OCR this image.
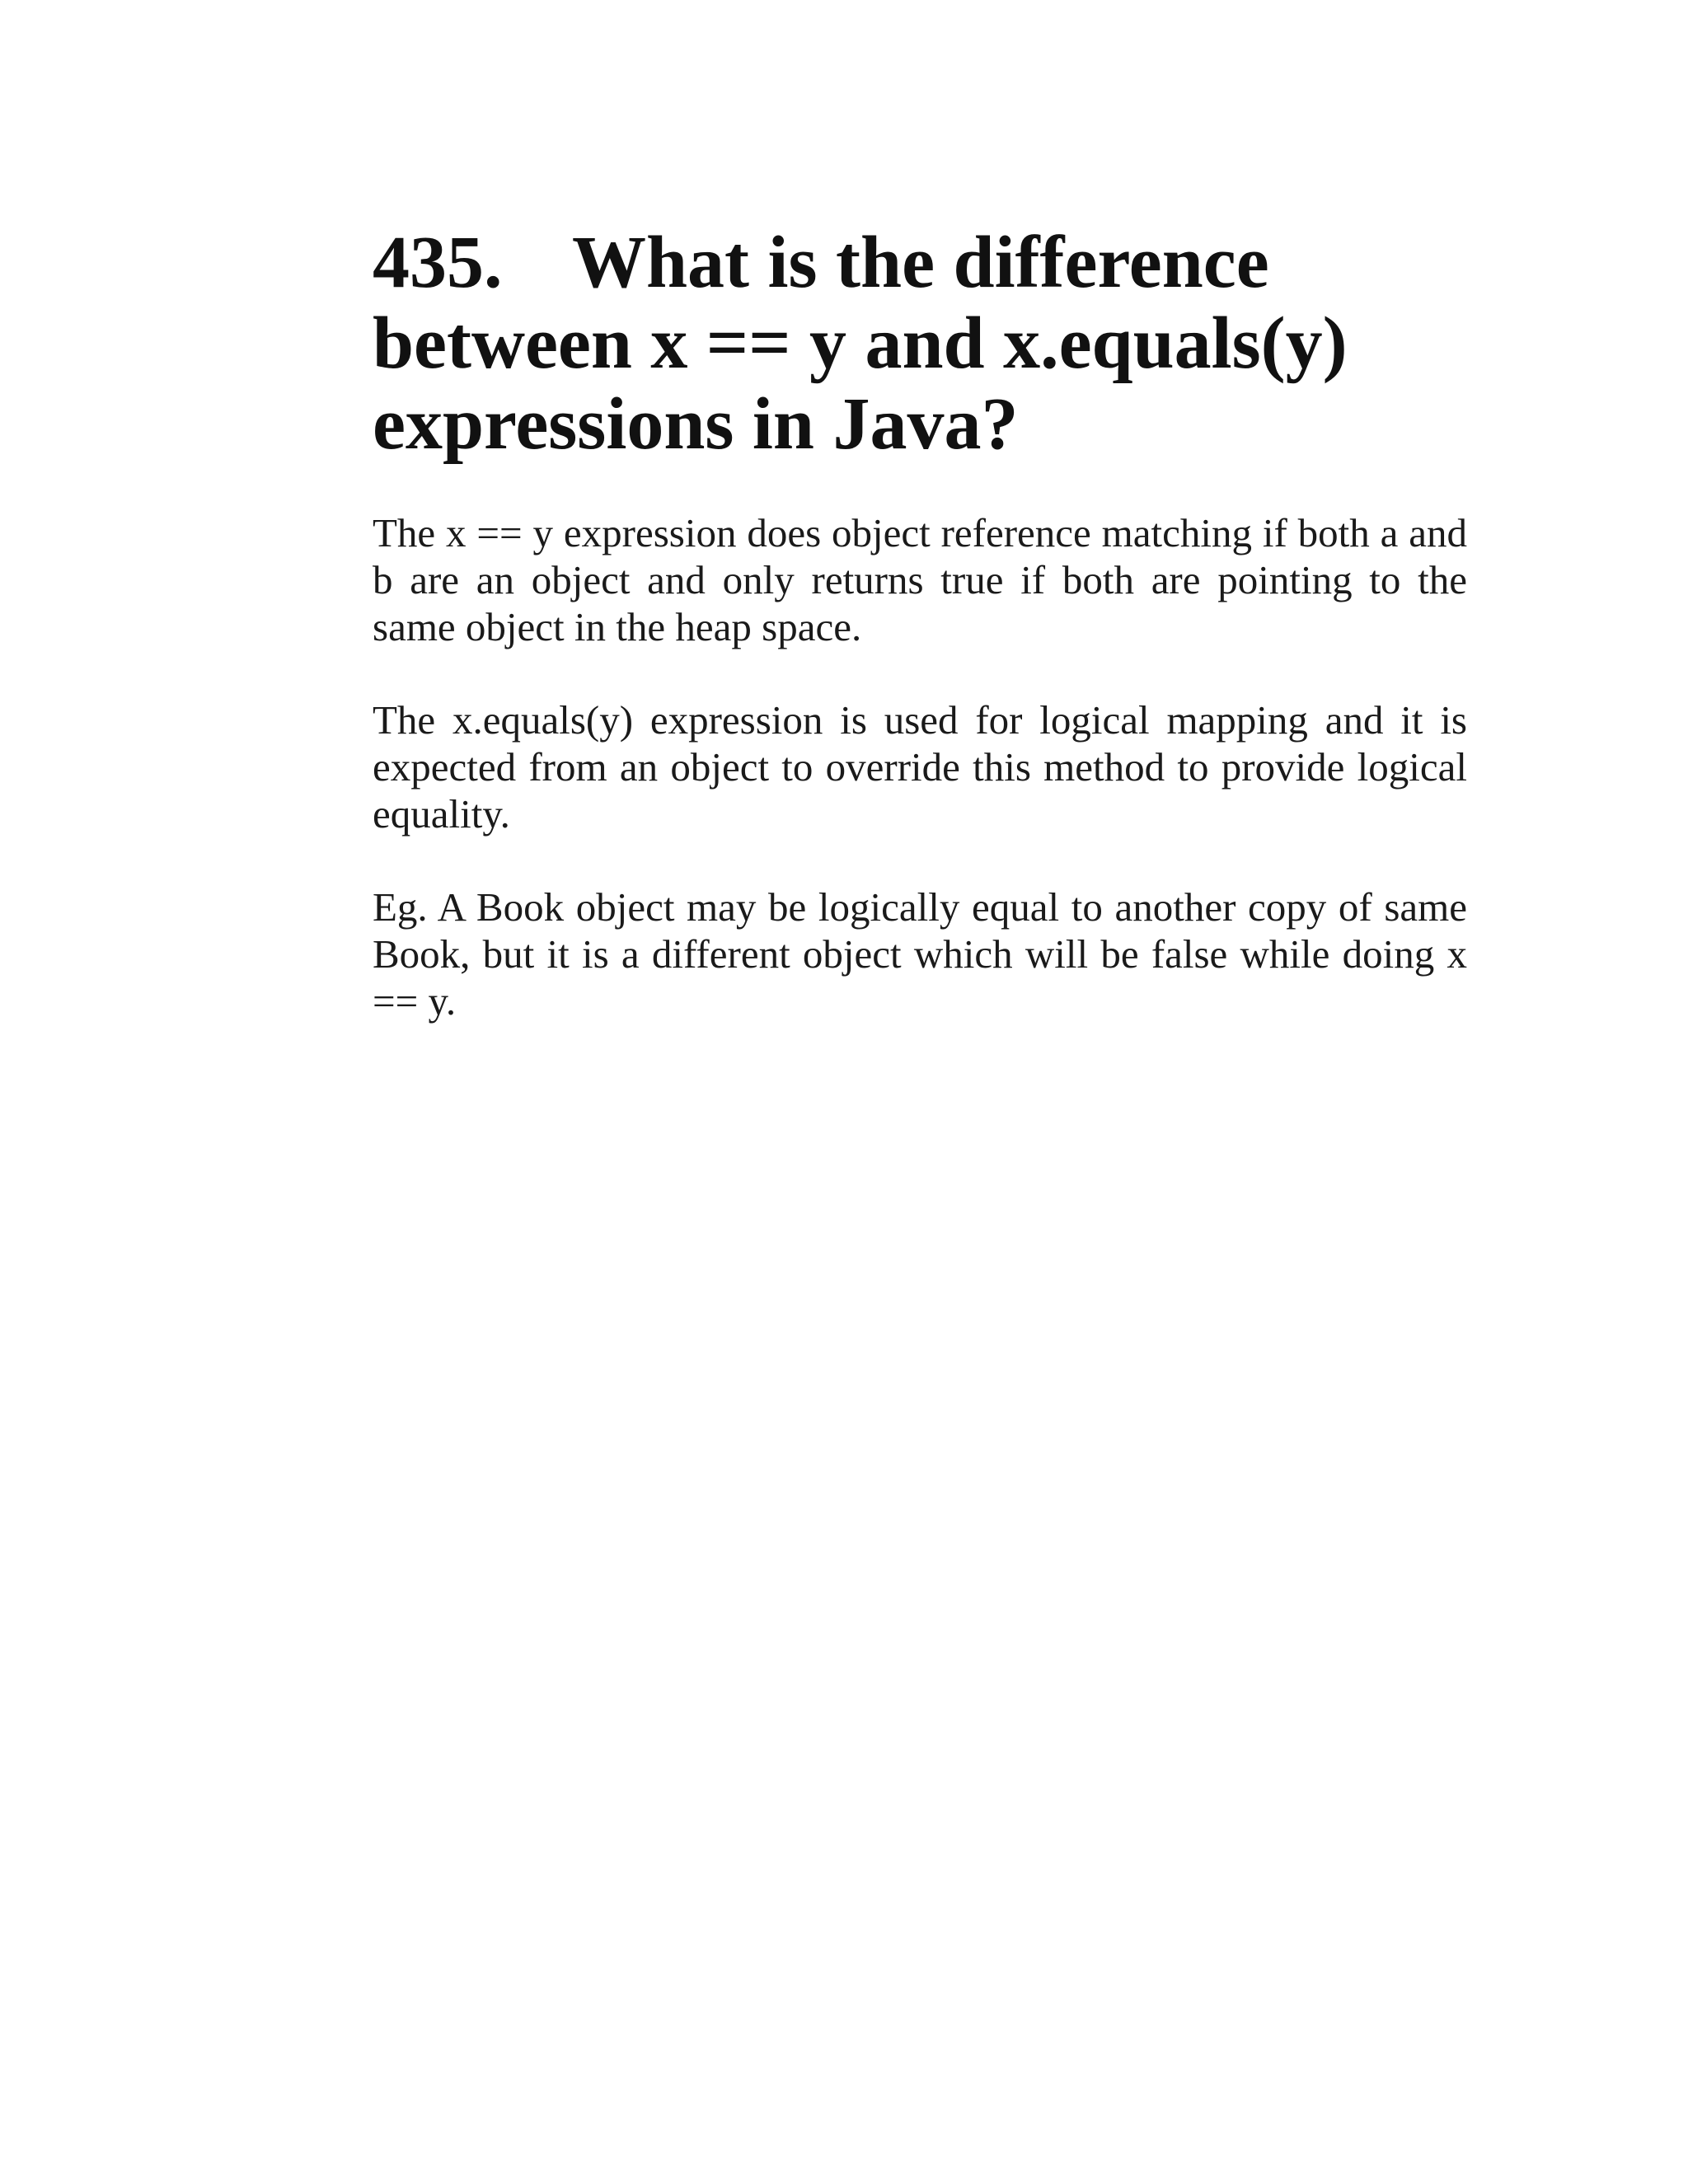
435. What is the difference between x == y and x.equals(y) expressions in Java?

The x == y expression does object reference matching if both a and b are an object and only returns true if both are pointing to the same object in the heap space.

The x.equals(y) expression is used for logical mapping and it is expected from an object to override this method to provide logical equality.

Eg. A Book object may be logically equal to another copy of same Book, but it is a different object which will be false while doing x == y.
